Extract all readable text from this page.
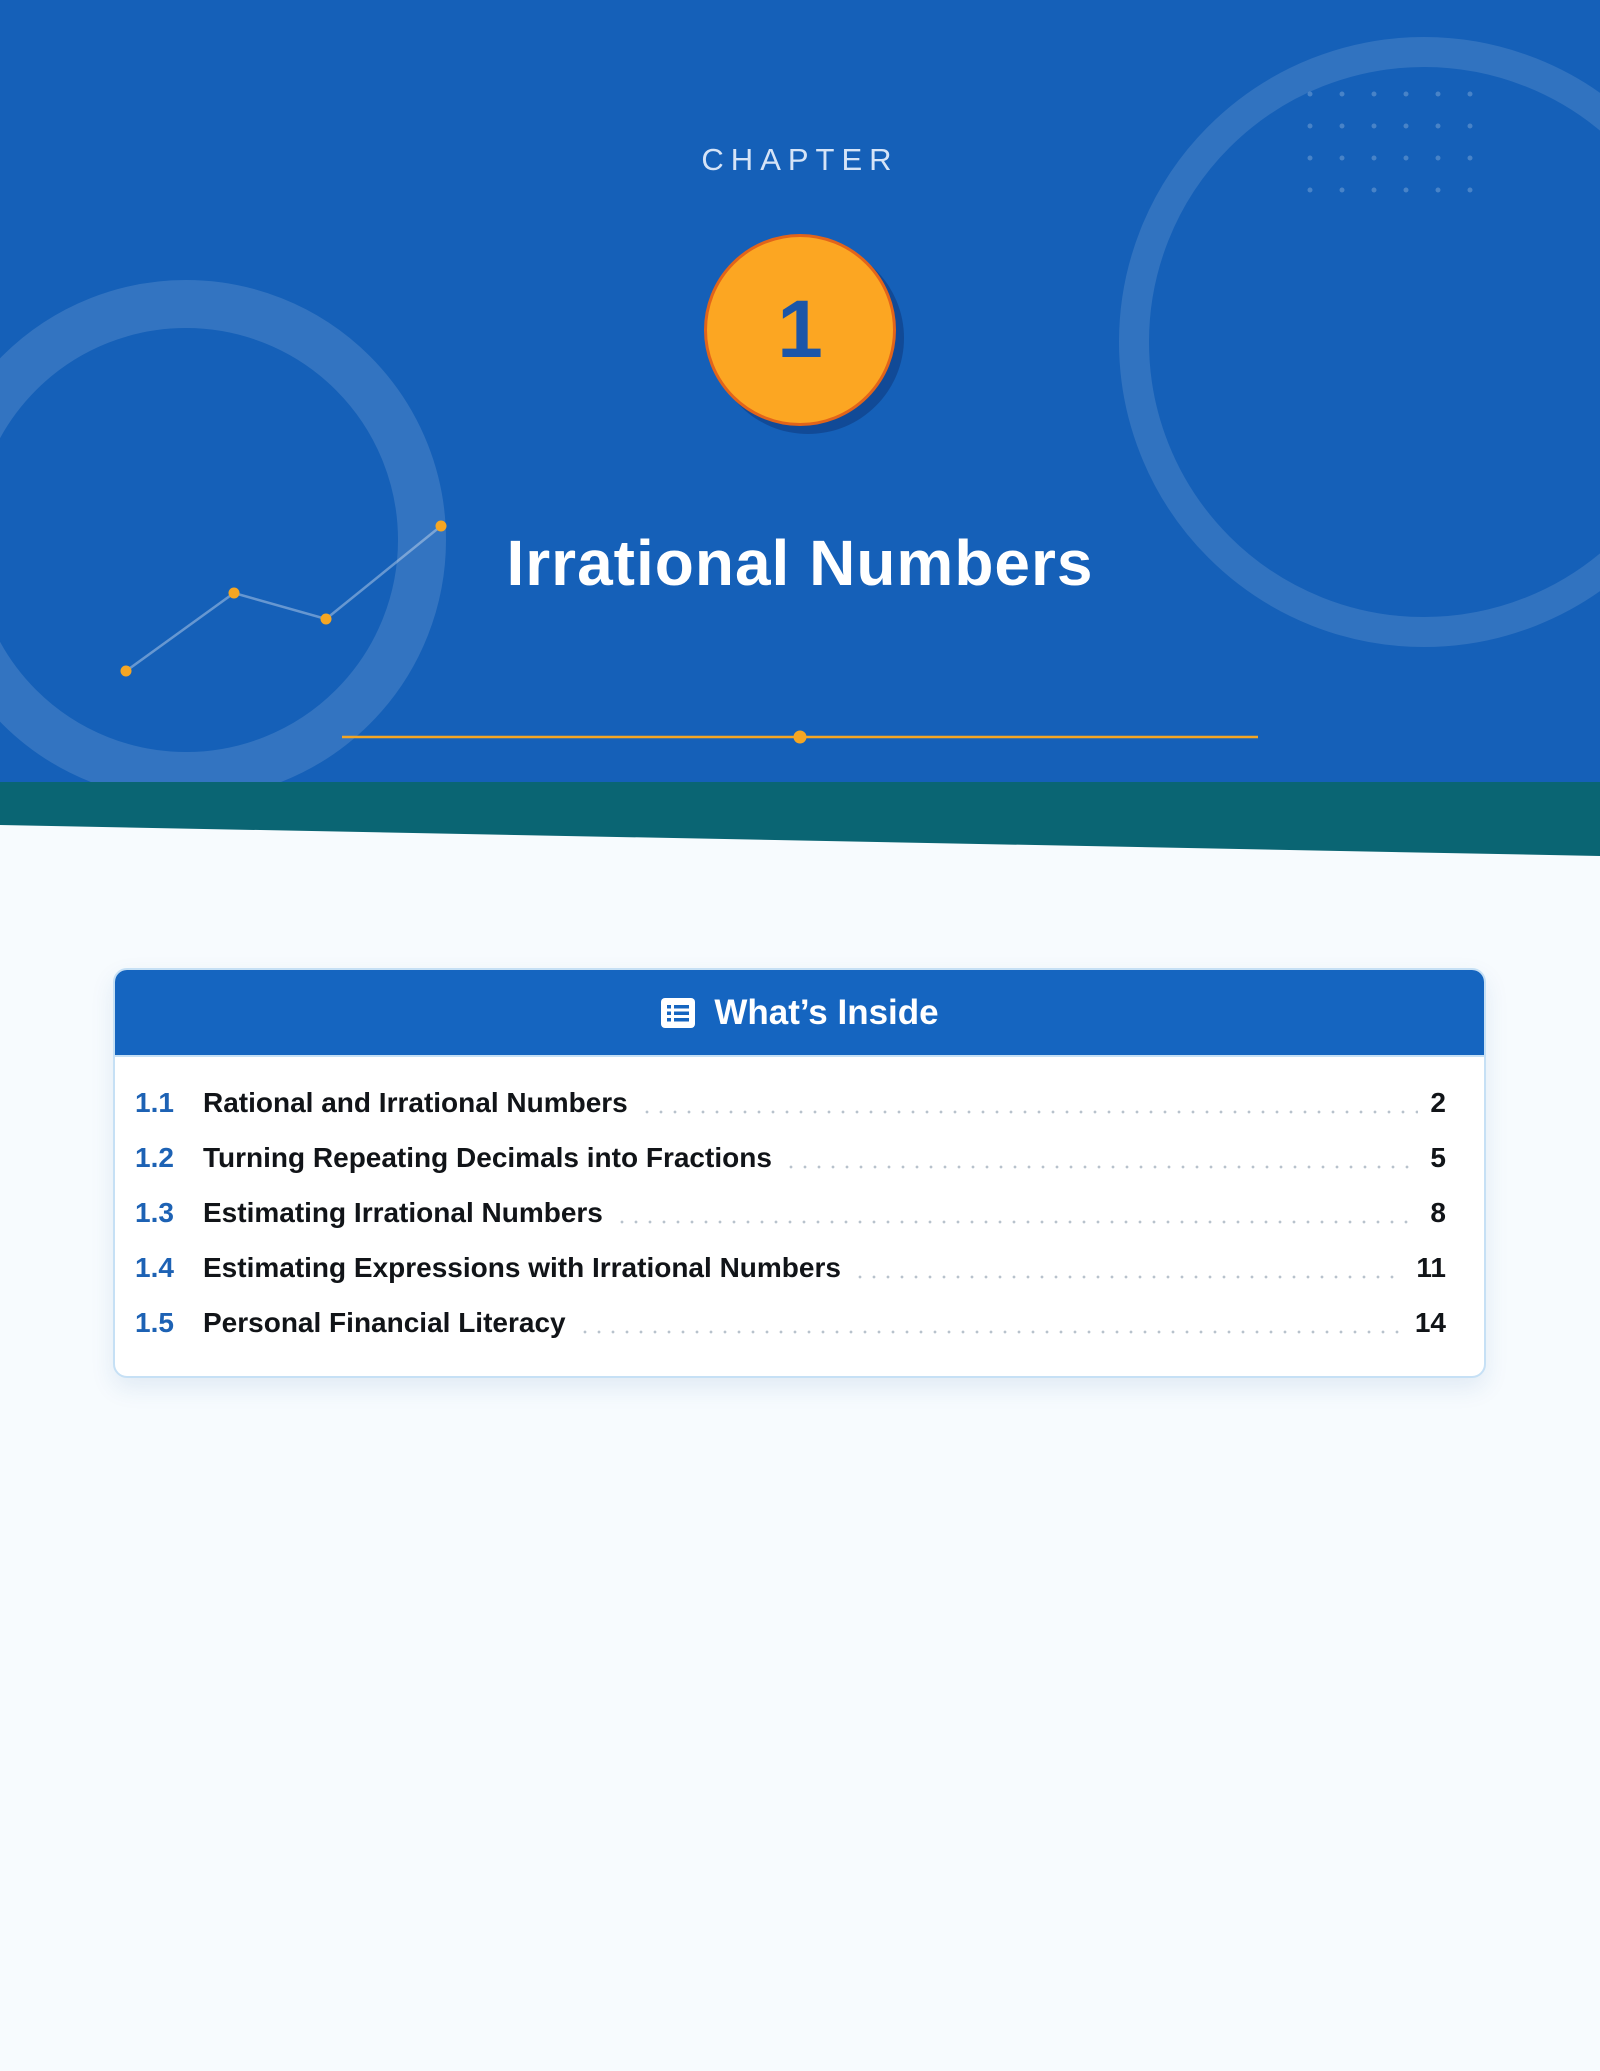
CHAPTER
1
Irrational Numbers
What’s Inside
1.1	Rational and Irrational Numbers	2
1.2	Turning Repeating Decimals into Fractions	5
1.3	Estimating Irrational Numbers	8
1.4	Estimating Expressions with Irrational Numbers	11
1.5	Personal Financial Literacy	14
